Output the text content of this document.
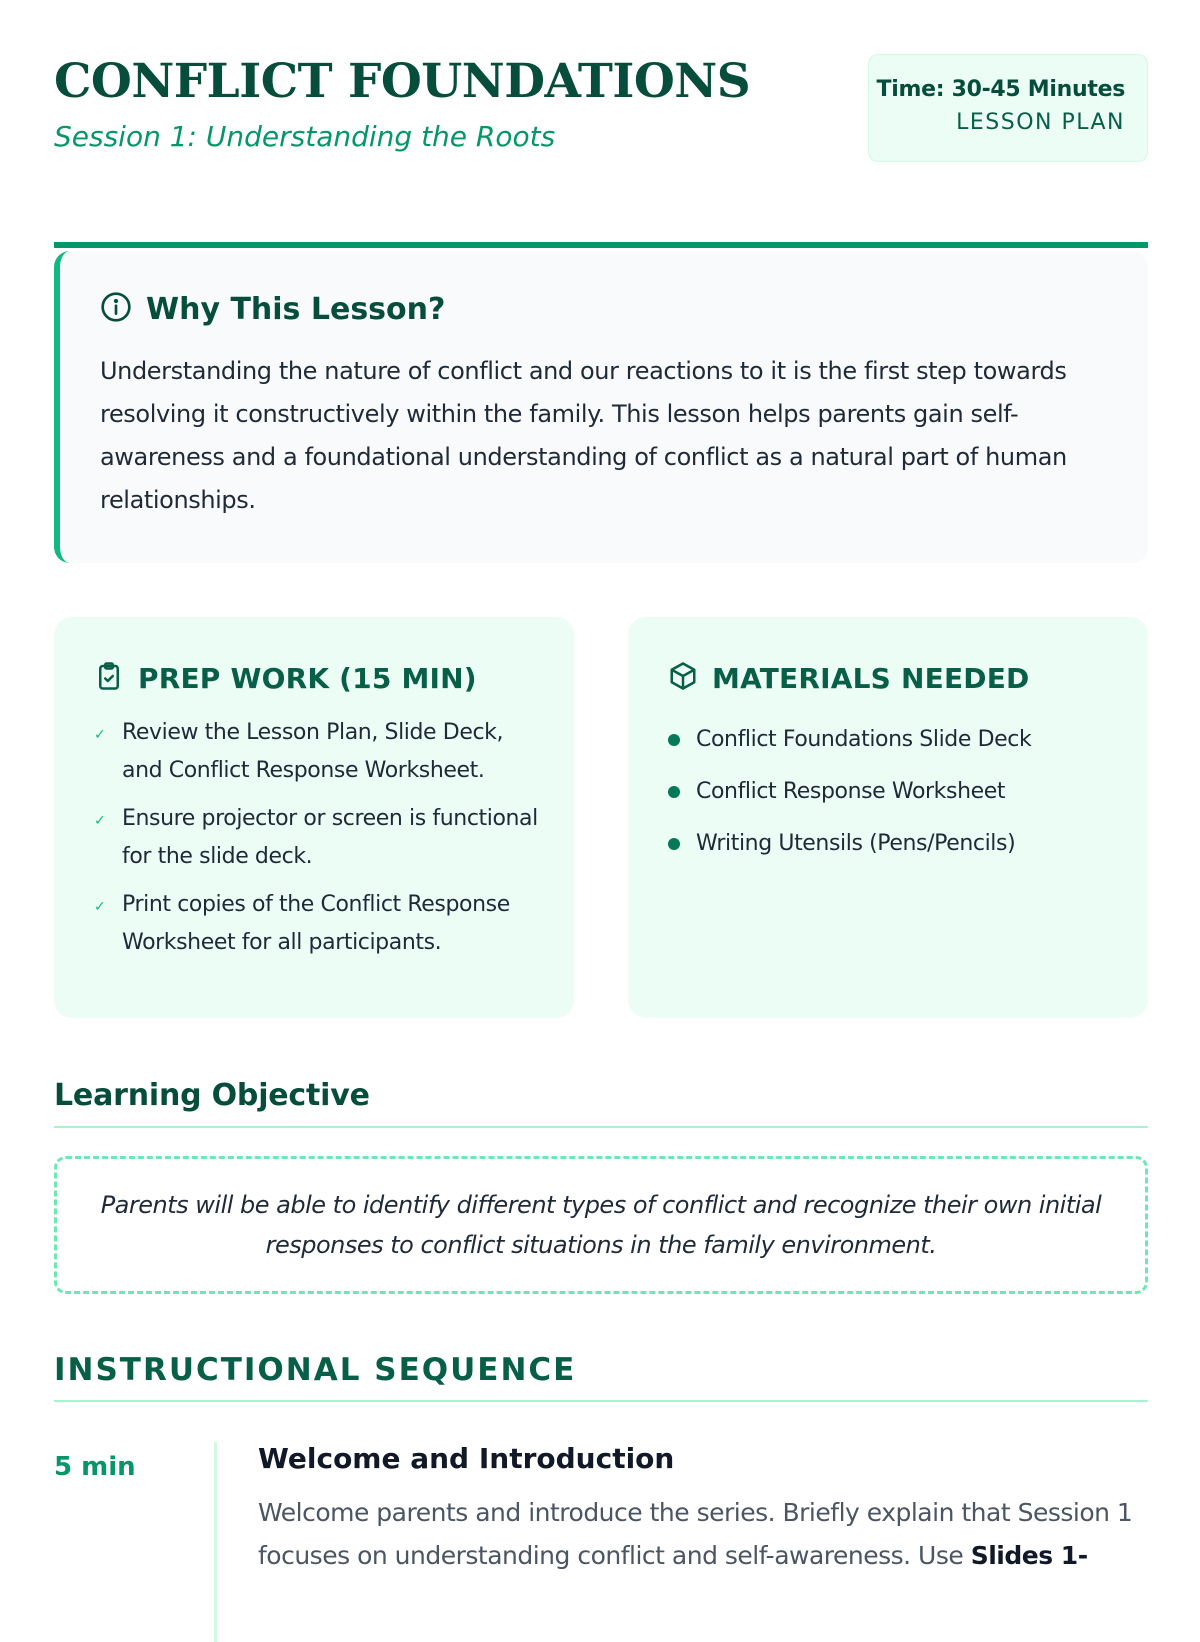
CONFLICT FOUNDATIONS
Session 1: Understanding the Roots
Time: 30-45 Minutes
LESSON PLAN
Why This Lesson?
Understanding the nature of conflict and our reactions to it is the first step towards resolving it constructively within the family. This lesson helps parents gain self-awareness and a foundational understanding of conflict as a natural part of human relationships.
PREP WORK (15 MIN)
✓ Review the Lesson Plan, Slide Deck, and Conflict Response Worksheet.
✓ Ensure projector or screen is functional for the slide deck.
✓ Print copies of the Conflict Response Worksheet for all participants.
MATERIALS NEEDED
Conflict Foundations Slide Deck
Conflict Response Worksheet
Writing Utensils (Pens/Pencils)
Learning Objective
Parents will be able to identify different types of conflict and recognize their own initial responses to conflict situations in the family environment.
INSTRUCTIONAL SEQUENCE
5 min	Welcome and Introduction
Welcome parents and introduce the series. Briefly explain that Session 1 focuses on understanding conflict and self-awareness. Use Slides 1-
